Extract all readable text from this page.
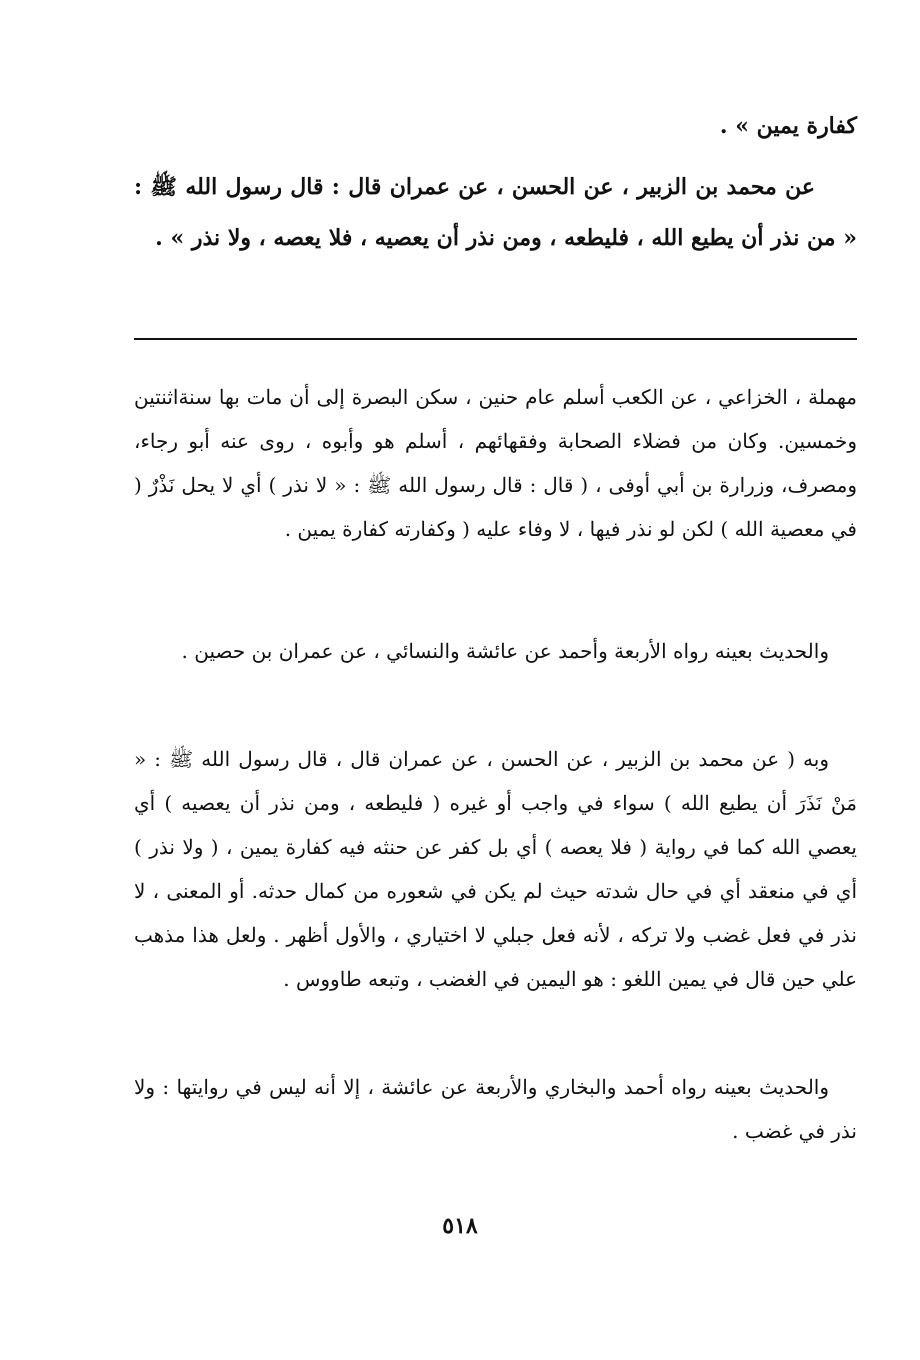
كفارة يمين » .
عن محمد بن الزبير ، عن الحسن ، عن عمران قال : قال رسول الله ﷺ : « من نذر أن يطيع الله ، فليطعه ، ومن نذر أن يعصيه ، فلا يعصه ، ولا نذر » .
مهملة ، الخزاعي ، عن الكعب أسلم عام حنين ، سكن البصرة إلى أن مات بها سنةاثنتين وخمسين. وكان من فضلاء الصحابة وفقهائهم ، أسلم هو وأبوه ، روى عنه أبو رجاء، ومصرف، وزرارة بن أبي أوفى ، ( قال : قال رسول الله ﷺ : « لا نذر ) أي لا يحل نَذْرٌ ( في معصية الله ) لكن لو نذر فيها ، لا وفاء عليه ( وكفارته كفارة يمين .
والحديث بعينه رواه الأربعة وأحمد عن عائشة والنسائي ، عن عمران بن حصين .
وبه ( عن محمد بن الزبير ، عن الحسن ، عن عمران قال ، قال رسول الله ﷺ : « مَنْ نَذَرَ أن يطيع الله ) سواء في واجب أو غيره ( فليطعه ، ومن نذر أن يعصيه ) أي يعصي الله كما في رواية ( فلا يعصه ) أي بل كفر عن حنثه فيه كفارة يمين ، ( ولا نذر ) أي في منعقد أي في حال شدته حيث لم يكن في شعوره من كمال حدثه. أو المعنى ، لا نذر في فعل غضب ولا تركه ، لأنه فعل جبلي لا اختياري ، والأول أظهر . ولعل هذا مذهب علي حين قال في يمين اللغو : هو اليمين في الغضب ، وتبعه طاووس .
والحديث بعينه رواه أحمد والبخاري والأربعة عن عائشة ، إلا أنه ليس في روايتها : ولا نذر في غضب .
٥١٨
